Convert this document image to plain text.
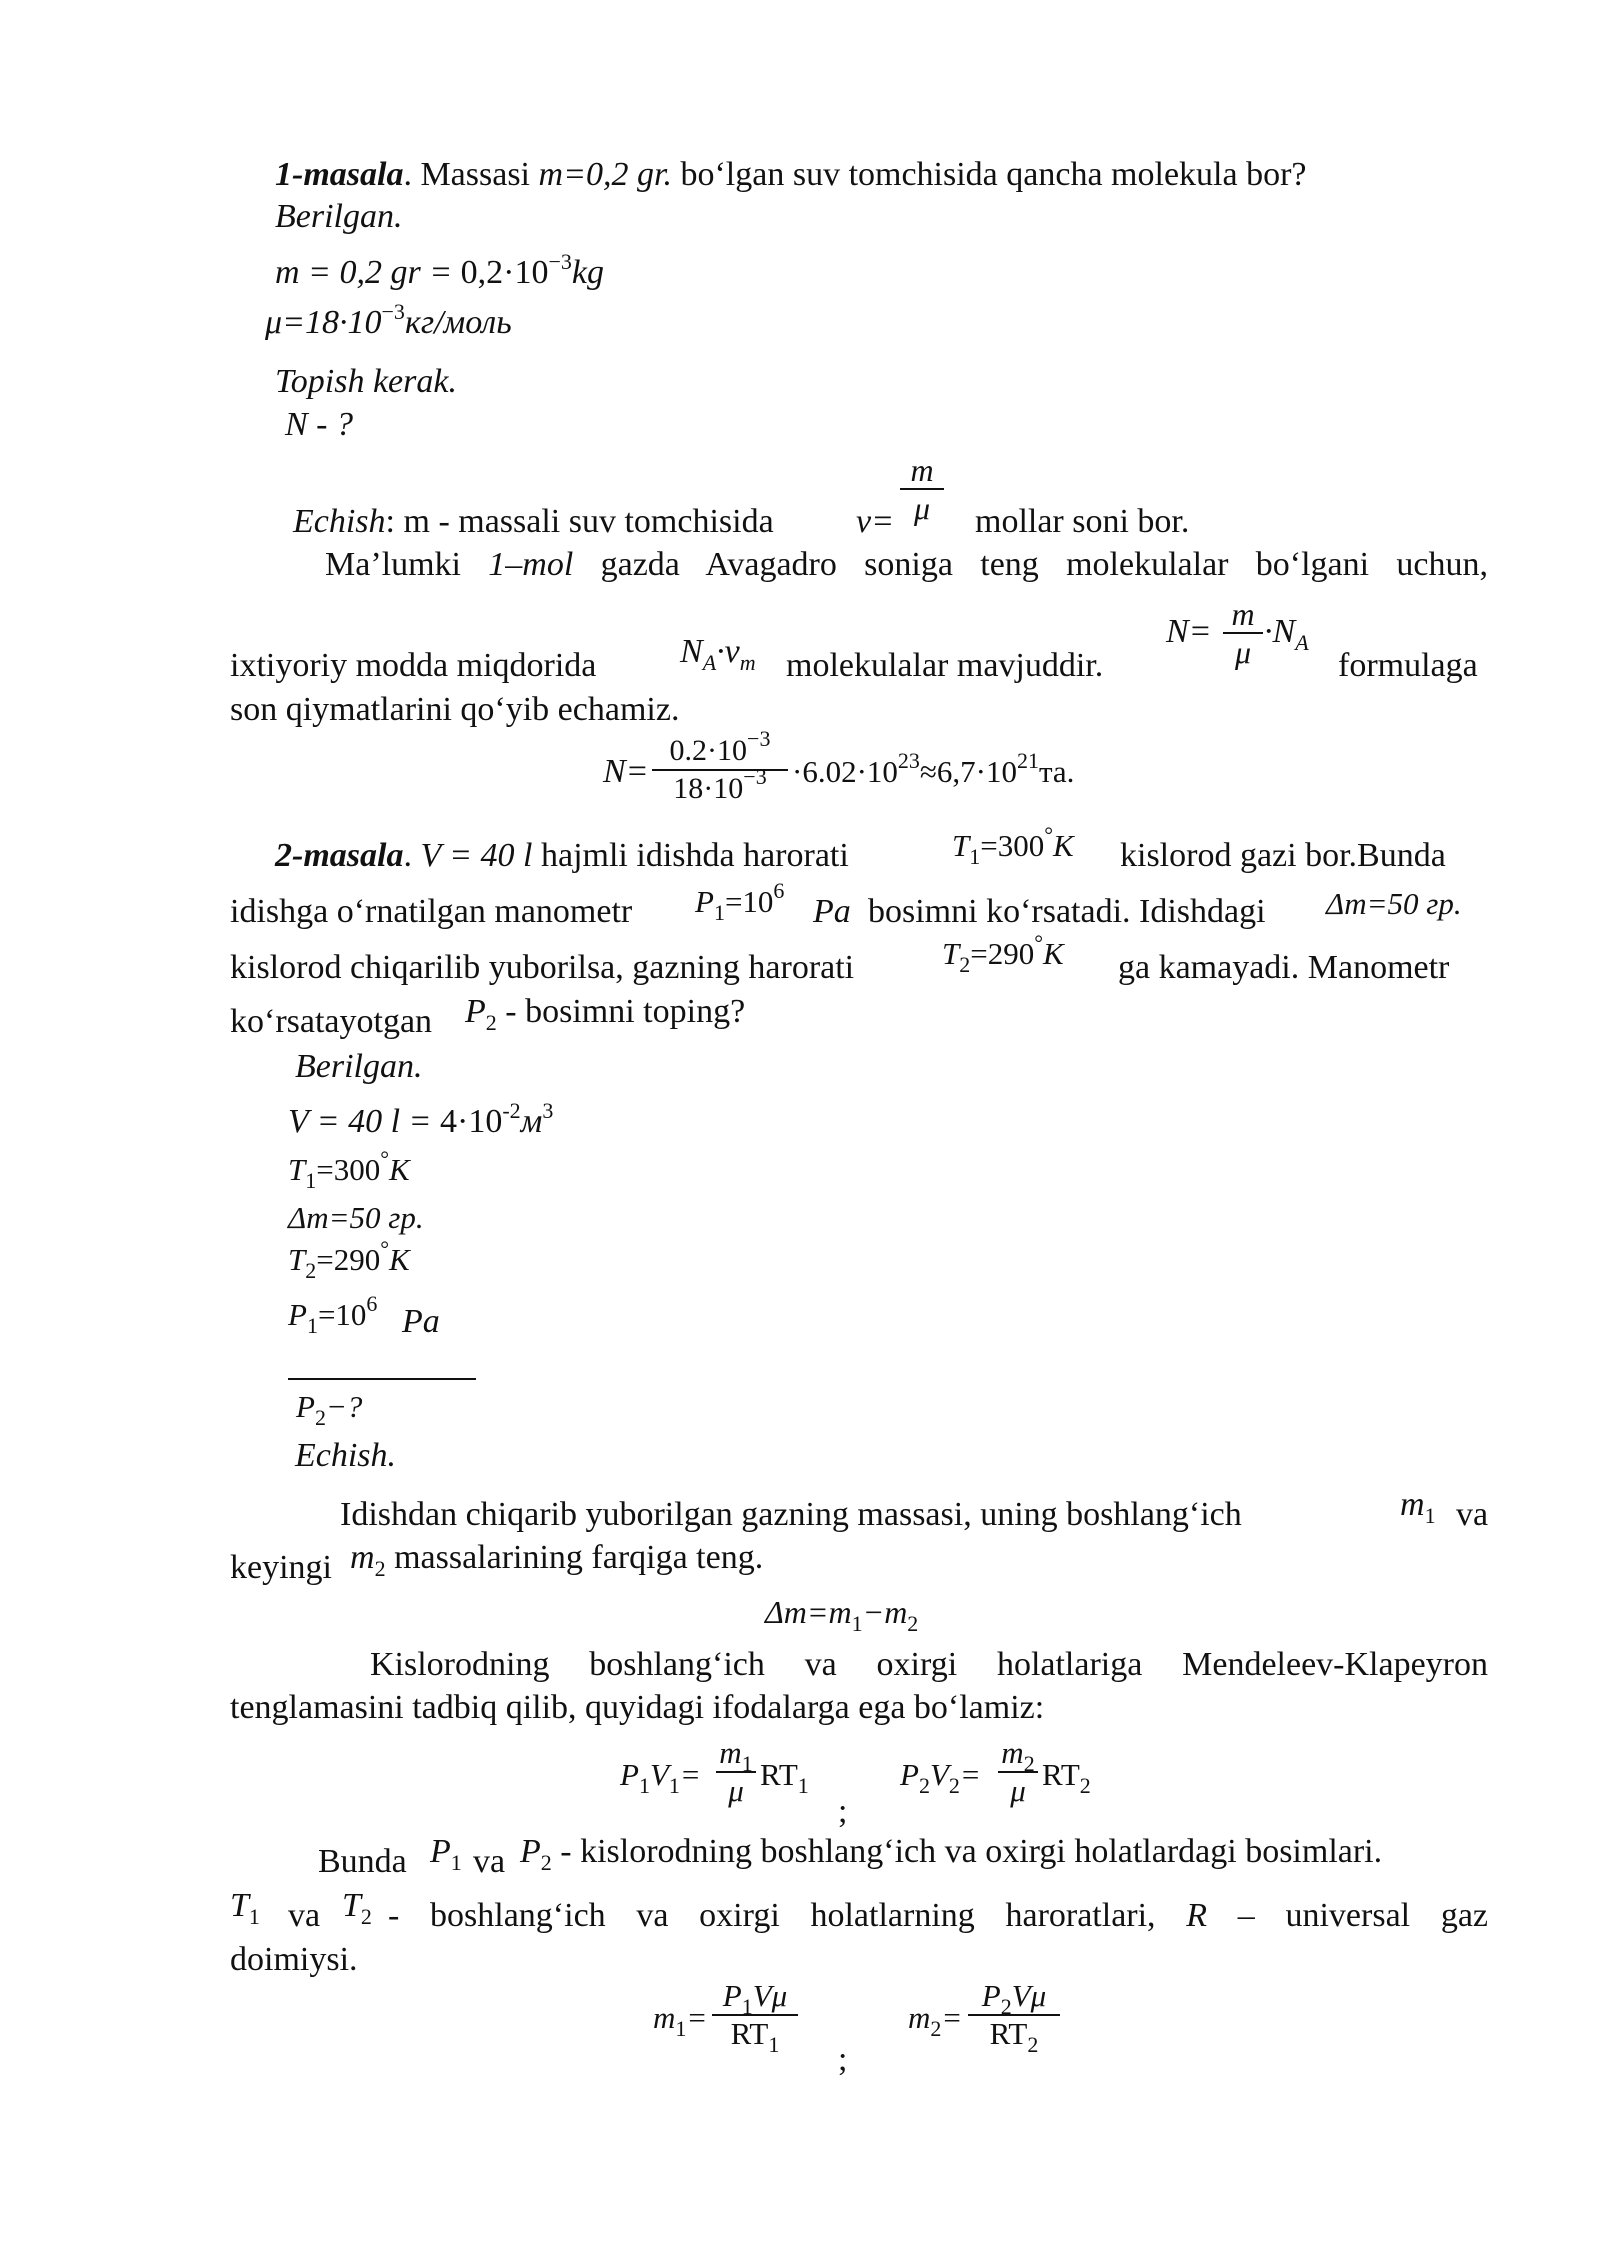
1-masala. Massasi m=0,2 gr. bo‘lgan suv tomchisida qancha molekula bor?
Berilgan.
m = 0,2 gr = $0,2\cdot 10^{-3}kg$
$\mu=18\cdot 10^{-3}кг$/моль
Topish kerak.
N - ?
Echish: m - massali suv tomchisida ν=
m
μ	mollar soni bor.
Ma’lumki 1–mol gazda Avagadro soniga teng molekulalar bo‘lgani uchun,
ixtiyoriy modda miqdorida $N_A\cdot\nu_m$ molekulalar mavjuddir.
N= m
μ
$\cdot N_A$
formulaga
son qiymatlarini qo‘yib echamiz.
N=
$0.2\cdot 10^{-3}$
$18\cdot 10^{-3} \cdot 6.02\cdot 10^{23}\approx 6,7\cdot 10^{21}та$.
2-masala. V = 40 l hajmli idishda harorati	$T_1=300^\circ K$ kislorod gazi bor.Bunda
idishga o‘rnatilgan manometr $P_1=10^6$
Pa bosimni ko‘rsatadi. Idishdagi Δm=50 гр.
kislorod chiqarilib yuborilsa, gazning harorati	$T_2=290^\circ K$ ga kamayadi. Manometr
ko‘rsatayotgan $P_2$ - bosimni toping?
Berilgan.
V = 40 $l = 4\cdot 10^{-2}м^3$
$T_1=300^\circ K$
Δm=50 гр.
$T_2=290^\circ K$
$P_1=10^6$ Pa
$P_2-$?
Echish.
Idishdan chiqarib yuborilgan gazning massasi, uning boshlang‘ich	$m_1$ va
keyingi $m_2$ massalarining farqiga teng.
$\Delta m=m_1-m_2$
Kislorodning boshlang‘ich va oxirgi holatlariga Mendeleev-Klapeyron
tenglamasini tadbiq qilib, quyidagi ifodalarga ega bo‘lamiz:
$P_1V_1=$
$m_1$
μ $RT_1$
;
$P_2V_2=$
$m_2$
μ $RT_2$
Bunda $P_1$ va $P_2$ - kislorodning boshlang‘ich va oxirgi holatlardagi bosimlari.
$T_1$ va $T_2$ - boshlang‘ich va oxirgi holatlarning haroratlari, R – universal gaz
doimiysi.
$m_1=$
$P_1V\mu$
$RT_1$	;
$m_2=$
$P_2V\mu$
$RT_2$
